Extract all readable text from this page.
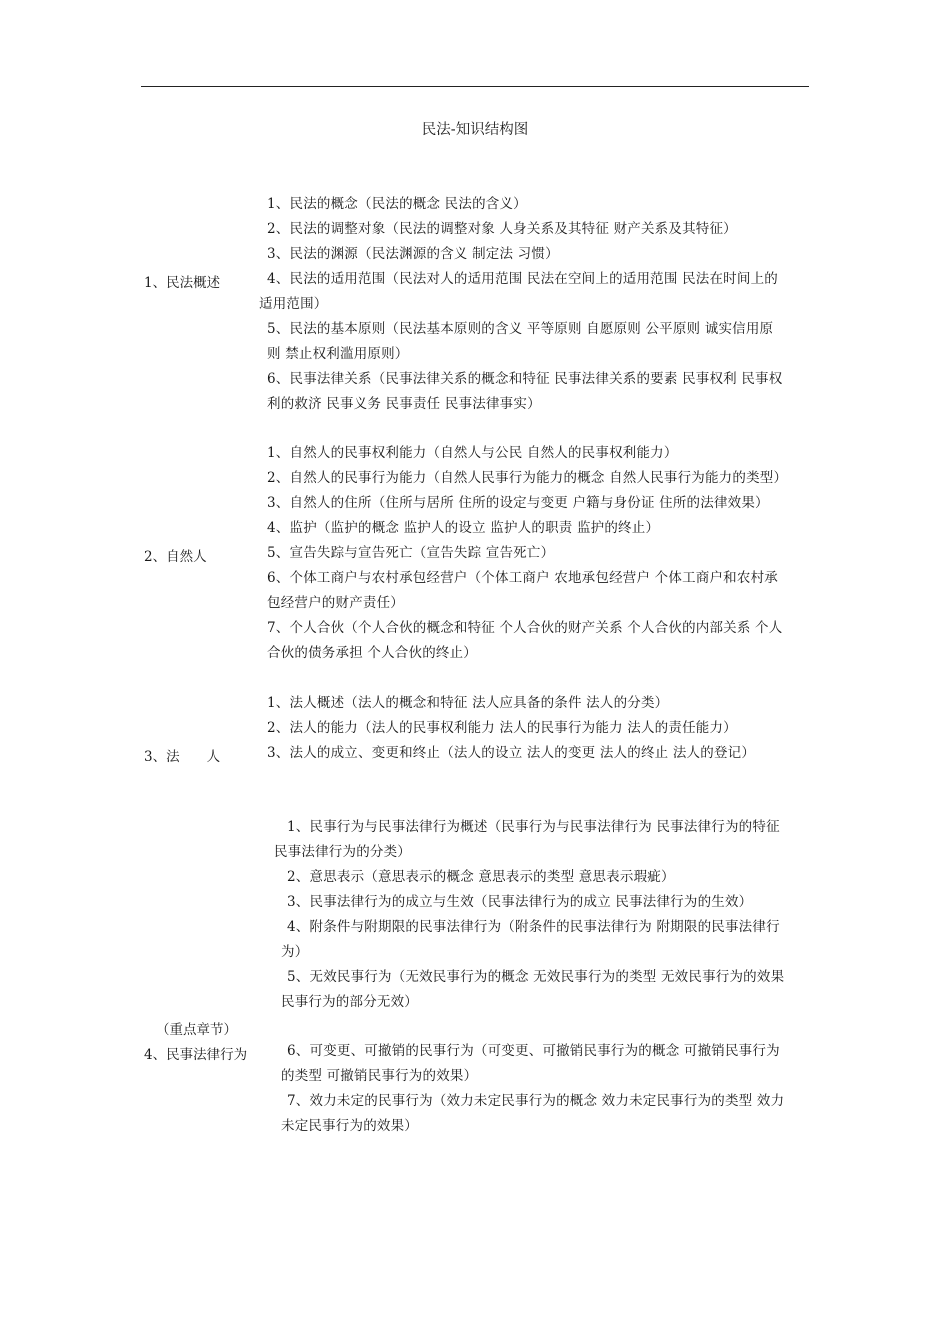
民法-知识结构图
1、民法概述
1、民法的概念（民法的概念 民法的含义）
2、民法的调整对象（民法的调整对象 人身关系及其特征 财产关系及其特征）
3、民法的渊源（民法渊源的含义 制定法 习惯）
4、民法的适用范围（民法对人的适用范围 民法在空间上的适用范围 民法在时间上的
适用范围）
5、民法的基本原则（民法基本原则的含义 平等原则 自愿原则 公平原则 诚实信用原
则 禁止权利滥用原则）
6、民事法律关系（民事法律关系的概念和特征 民事法律关系的要素 民事权利 民事权
利的救济 民事义务 民事责任 民事法律事实）
2、自然人
1、自然人的民事权利能力（自然人与公民 自然人的民事权利能力）
2、自然人的民事行为能力（自然人民事行为能力的概念 自然人民事行为能力的类型）
3、自然人的住所（住所与居所 住所的设定与变更 户籍与身份证 住所的法律效果）
4、监护（监护的概念 监护人的设立 监护人的职责 监护的终止）
5、宣告失踪与宣告死亡（宣告失踪 宣告死亡）
6、个体工商户与农村承包经营户（个体工商户 农地承包经营户 个体工商户和农村承
包经营户的财产责任）
7、个人合伙（个人合伙的概念和特征 个人合伙的财产关系 个人合伙的内部关系 个人
合伙的债务承担 个人合伙的终止）
3、法　　人
1、法人概述（法人的概念和特征 法人应具备的条件 法人的分类）
2、法人的能力（法人的民事权利能力 法人的民事行为能力 法人的责任能力）
3、法人的成立、变更和终止（法人的设立 法人的变更 法人的终止 法人的登记）
（重点章节）
4、民事法律行为
1、民事行为与民事法律行为概述（民事行为与民事法律行为 民事法律行为的特征
民事法律行为的分类）
2、意思表示（意思表示的概念 意思表示的类型 意思表示瑕疵）
3、民事法律行为的成立与生效（民事法律行为的成立 民事法律行为的生效）
4、附条件与附期限的民事法律行为（附条件的民事法律行为 附期限的民事法律行
为）
5、无效民事行为（无效民事行为的概念 无效民事行为的类型 无效民事行为的效果
民事行为的部分无效）
6、可变更、可撤销的民事行为（可变更、可撤销民事行为的概念 可撤销民事行为
的类型 可撤销民事行为的效果）
7、效力未定的民事行为（效力未定民事行为的概念 效力未定民事行为的类型 效力
未定民事行为的效果）
